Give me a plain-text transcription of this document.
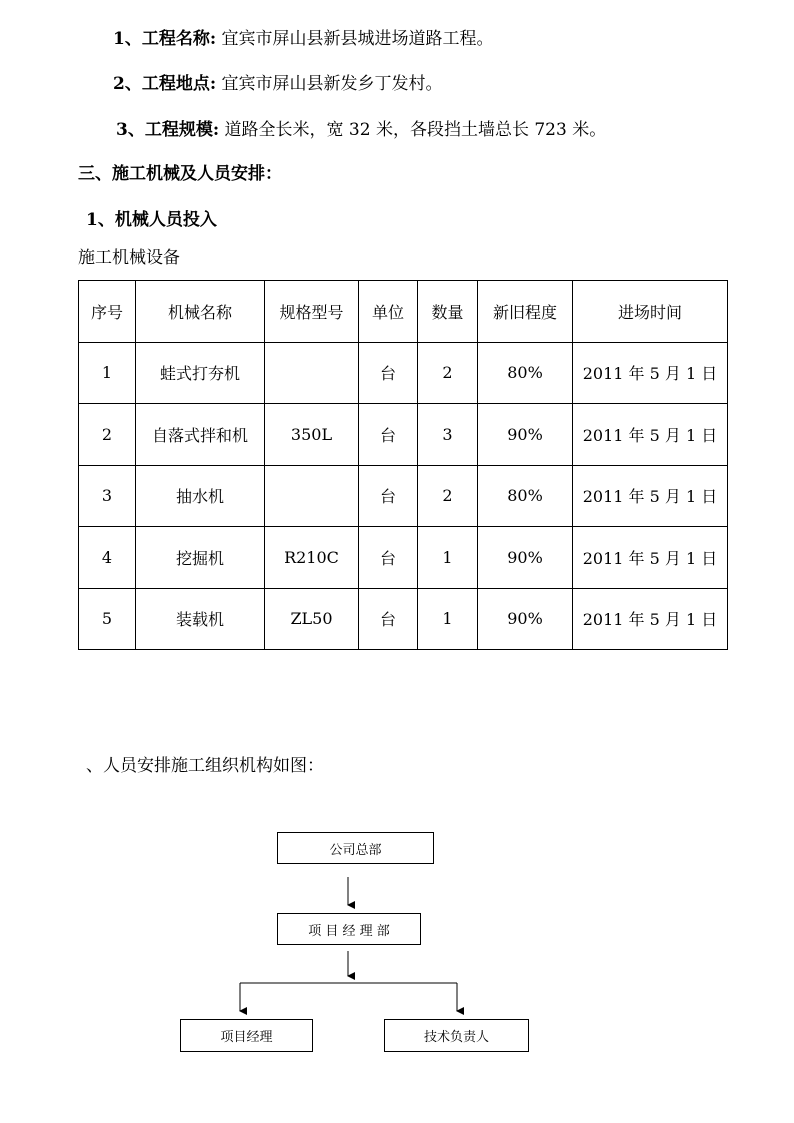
1、工程名称: 宜宾市屏山县新县城进场道路工程。
2、工程地点: 宜宾市屏山县新发乡丁发村。
3、工程规模: 道路全长米，宽 32 米，各段挡土墙总长 723 米。
三、施工机械及人员安排：
1、机械人员投入
施工机械设备
序号	机械名称	规格型号	单位	数量	新旧程度	进场时间
1	蛙式打夯机		台	2	80%	2011 年 5 月 1 日
2	自落式拌和机	350L	台	3	90%	2011 年 5 月 1 日
3	抽水机		台	2	80%	2011 年 5 月 1 日
4	挖掘机	R210C	台	1	90%	2011 年 5 月 1 日
5	装载机	ZL50	台	1	90%	2011 年 5 月 1 日
、人员安排施工组织机构如图：
公司总部
项 目 经 理 部
项目经理	技术负责人
